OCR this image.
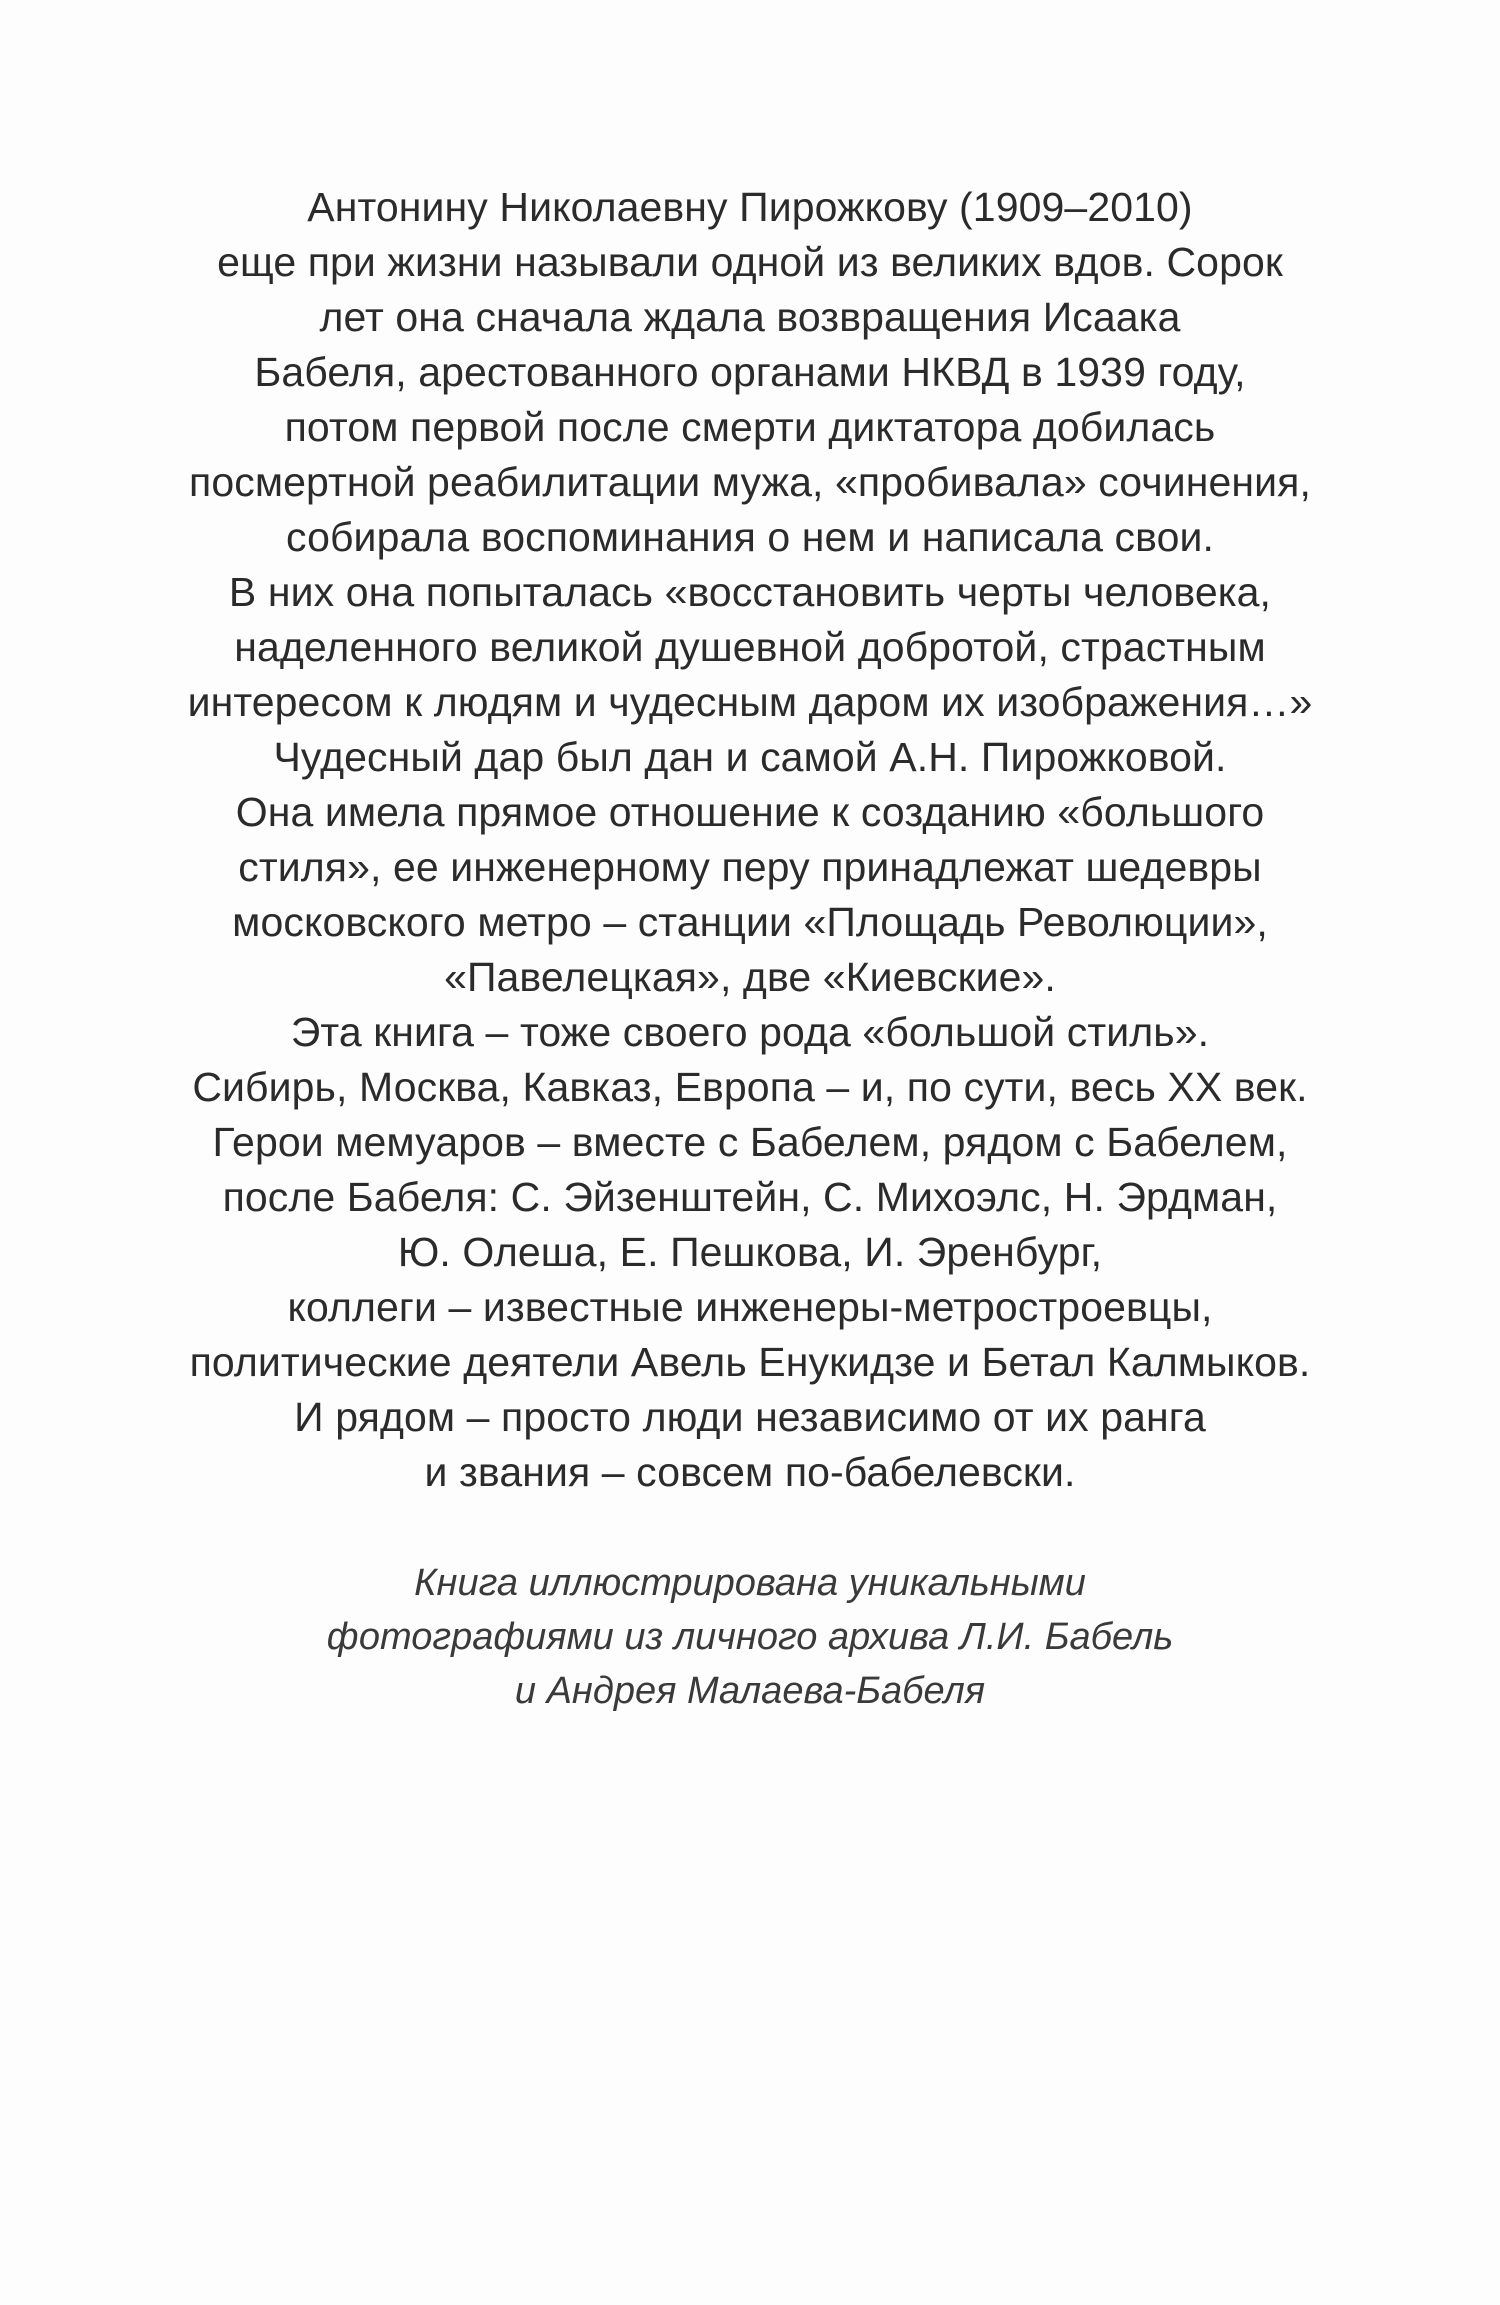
Антонину Николаевну Пирожкову (1909–2010)
еще при жизни называли одной из великих вдов. Сорок
лет она сначала ждала возвращения Исаака
Бабеля, арестованного органами НКВД в 1939 году,
потом первой после смерти диктатора добилась
посмертной реабилитации мужа, «пробивала» сочинения,
собирала воспоминания о нем и написала свои.
В них она попыталась «восстановить черты человека,
наделенного великой душевной добротой, страстным
интересом к людям и чудесным даром их изображения…»
Чудесный дар был дан и самой А.Н. Пирожковой.
Она имела прямое отношение к созданию «большого
стиля», ее инженерному перу принадлежат шедевры
московского метро – станции «Площадь Революции»,
«Павелецкая», две «Киевские».
Эта книга – тоже своего рода «большой стиль».
Сибирь, Москва, Кавказ, Европа – и, по сути, весь XX век.
Герои мемуаров – вместе с Бабелем, рядом с Бабелем,
после Бабеля: С. Эйзенштейн, С. Михоэлс, Н. Эрдман,
Ю. Олеша, Е. Пешкова, И. Эренбург,
коллеги – известные инженеры-метростроевцы,
политические деятели Авель Енукидзе и Бетал Калмыков.
И рядом – просто люди независимо от их ранга
и звания – совсем по-бабелевски.
Книга иллюстрирована уникальными
фотографиями из личного архива Л.И. Бабель
и Андрея Малаева-Бабеля
